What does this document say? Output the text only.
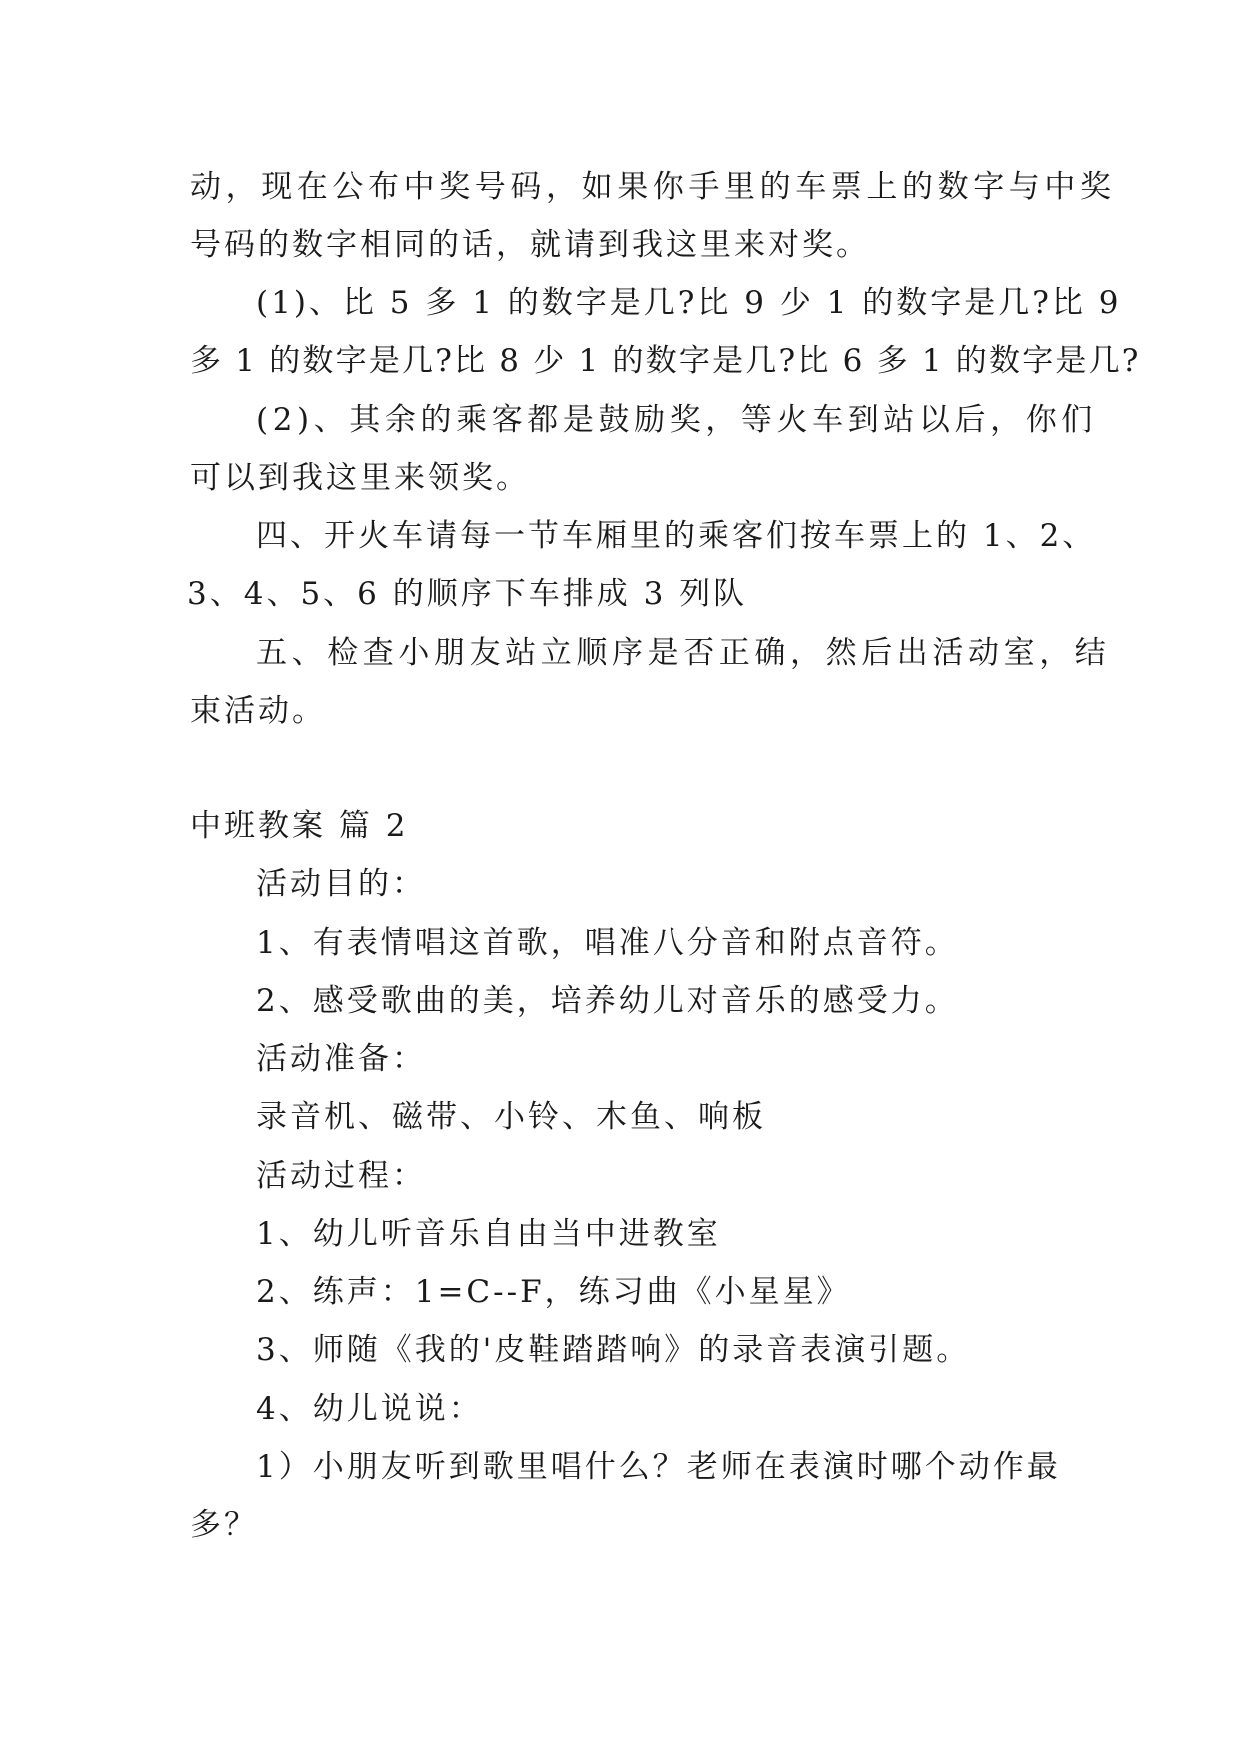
动，现在公布中奖号码，如果你手里的车票上的数字与中奖
号码的数字相同的话，就请到我这里来对奖。
(1)、比 5 多 1 的数字是几?比 9 少 1 的数字是几?比 9
多 1 的数字是几?比 8 少 1 的数字是几?比 6 多 1 的数字是几?
(2)、其余的乘客都是鼓励奖，等火车到站以后，你们
可以到我这里来领奖。
四、开火车请每一节车厢里的乘客们按车票上的 1、2、
3、4、5、6 的顺序下车排成 3 列队
五、检查小朋友站立顺序是否正确，然后出活动室，结
束活动。
中班教案 篇 2
活动目的：
1、有表情唱这首歌，唱准八分音和附点音符。
2、感受歌曲的美，培养幼儿对音乐的感受力。
活动准备：
录音机、磁带、小铃、木鱼、响板
活动过程：
1、幼儿听音乐自由当中进教室
2、练声：1=C--F，练习曲《小星星》
3、师随《我的'皮鞋踏踏响》的录音表演引题。
4、幼儿说说：
1）小朋友听到歌里唱什么？老师在表演时哪个动作最
多？
